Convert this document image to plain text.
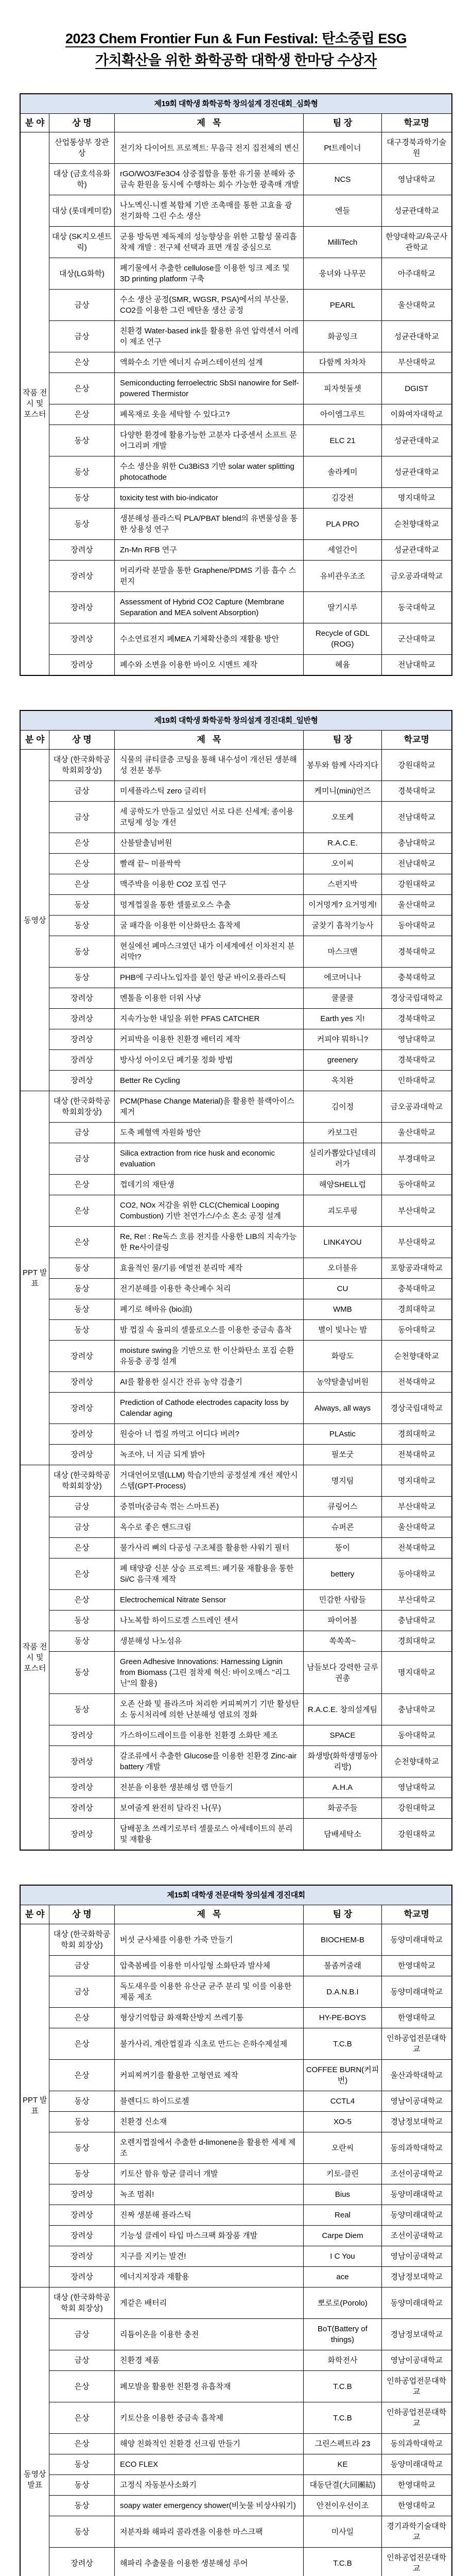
2023 Chem Frontier Fun & Fun Festival: 탄소중립 ESG
가치확산을 위한 화학공학 대학생 한마당 수상자
제19회 대학생 화학공학 창의설계 경진대회_심화형				
분 야	상 명	제   목	팀 장	학교명
작품 전시 및 포스터	산업통상부 장관상	전기차 다이어트 프로젝트: 무음극 전지 집전체의 변신	Pt트레이너	대구경북과학기술원
	대상 (금호석유화학)	rGO/WO3/Fe3O4 삼중접합을 통한 유기물 분해와 중금속 환원을 동시에 수행하는 회수 가능한 광촉매 개발	NCS	영남대학교
	대상 (롯데케미칼)	나노멕신-니켈 복합체 기반 조촉매를 통한 고효율 광전기화학 그린 수소 생산	엔들	성균관대학교
	대상 (SK지오센트릭)	군용 방독면 제독제의 성능향상을 위한 고활성 물리흡착제 개발 : 전구체 선택과 표면 개질 중심으로	MilliTech	한양대학교/육군사관학교
	대상(LG화학)	폐기물에서 추출한 cellulose를 이용한 잉크 제조 및 3D printing platform 구축	웅녀와 나무꾼	아주대학교
	금상	수소 생산 공정(SMR, WGSR, PSA)에서의 부산물, CO2를 이용한 그린 메탄올 생산 공정	PEARL	울산대학교
	금상	친환경 Water-based ink를 활용한 유연 압력센서 어레이 제조 연구	화공잉크	성균관대학교
	은상	액화수소 기반 에너지 슈퍼스테이션의 설계	다함께 차차차	부산대학교
	은상	Semiconducting ferroelectric SbSI nanowire for Self-powered Thermistor	피자헛둘셋	DGIST
	은상	폐목재로 옷을 세탁할 수 있다고?	아이엠그루트	이화여자대학교
	동상	다양한 환경에 활용가능한 고분자 다중센서 소프트 문어그리퍼 개발	ELC 21	성균관대학교
	동상	수소 생산을 위한 Cu3BiS3 기반 solar water splitting photocathode	솔라케미	성균관대학교
	동상	toxicity test with bio-indicator	김강전	명지대학교
	동상	생분해성 플라스틱 PLA/PBAT blend의 유변물성을 통한 상용성 연구	PLA PRO	순천향대학교
	장려상	Zn-Mn RFB 연구	세얼간이	성균관대학교
	장려상	머리카락 분말을 통한 Graphene/PDMS 기름 흡수 스펀지	유비관우조조	금오공과대학교
	장려상	Assessment of Hybrid CO2 Capture (Membrane Separation and MEA solvent Absorption)	딸기시루	동국대학교
	장려상	수소연료전지 폐MEA 기체확산층의 재활용 방안	Recycle of GDL (ROG)	군산대학교
	장려상	폐수와 소변을 이용한 바이오 시멘트 제작	혜윰	전남대학교
제19회 대학생 화학공학 창의설계 경진대회_일반형				
분 야	상 명	제   목	팀 장	학교명
동영상	대상 (한국화학공학회회장상)	식물의 큐티클층 코팅을 통해 내수성이 개선된 생분해성 전분 봉투	봉투와 함께 사라지다	강원대학교
	금상	미세플라스틱 zero 글리터	케미니(mini)언즈	경북대학교
	금상	세 공학도가 만들고 싶었던 서로 다른 신세계; 종이용 코팅제 성능 개선	오또케	전남대학교
	은상	산불탈출넘버원	R.A.C.E.	충남대학교
	은상	빨래 끝~ 미플싹싹	오이씨	전남대학교
	은상	맥주박을 이용한 CO2 포집 연구	스펀지박	강원대학교
	동상	멍게껍질을 통한 셀룰로오스 추출	이거멍게? 요거멍게!	울산대학교
	동상	굴 패각을 이용한 이산화탄소 흡착제	굴찾기 흡착기능사	동아대학교
	동상	현실에선 폐마스크였던 내가 이세계에선 이차전지 분리막!?	마스크맨	경북대학교
	동상	PHB에 구리나노입자를 붙인 항균 바이오플라스틱	에코머니나	충북대학교
	장려상	멘톨을 이용한 더위 사냥	쿨쿨쿨	경상국립대학교
	장려상	지속가능한 내일을 위한 PFAS CATCHER	Earth yes 지!	경북대학교
	장려상	커피박을 이용한 친환경 배터리 제작	커피야 뭐하니?	영남대학교
	장려상	방사성 아이오딘 폐기물 정화 방법	greenery	경북대학교
	장려상	Better Re Cycling	옥치완	인하대학교
PPT 발표	대상 (한국화학공학회회장상)	PCM(Phase Change Material)을 활용한 블랙아이스 제거	김이정	금오공과대학교
	금상	도축 폐혈액 자원화 방안	카보그린	울산대학교
	금상	Silica extraction from rice husk and economic evaluation	실리카뽑았다널데리러가	부경대학교
	은상	껍데기의 재탄생	해양SHELL럽	동아대학교
	은상	CO2, NOx 저감을 위한 CLC(Chemical Looping Combustion) 기반 천연가스/수소 혼소 공정 설계	괴도루핑	부산대학교
	은상	Re, Re! : Re독스 흐름 전지를 사용한 LIB의 지속가능한 Re사이클링	LINK4YOU	부산대학교
	동상	효율적인 물/기름 에멀전 분리막 제작	오더블유	포항공과대학교
	동상	전기분해를 이용한 축산폐수 처리	CU	충북대학교
	동상	폐기로 해바유 (bio油)	WMB	경희대학교
	동상	밤 껍질 속 율피의 셀룰로오스를 이용한 중금속 흡착	별이 빛나는 밤	동아대학교
	장려상	moisture swing을 기반으로 한 이산화탄소 포집 순환 유동층 공정 설계	화랑도	순천향대학교
	장려상	AI를 활용한 실시간 잔류 농약 검출기	농약탈출넘버원	전북대학교
	장려상	Prediction of Cathode electrodes capacity loss by Calendar aging	Always, all ways	경상국립대학교
	장려상	원숭아 너 껍질 까먹고 어디다 버려?	PLAstic	경희대학교
	장려상	녹조야, 너 지금 되게 밝아	필쏘굿	전북대학교
작품 전시 및 포스터	대상 (한국화학공학회회장상)	거대언어모델(LLM) 학습기반의 공정설계 개선 제안시스템(GPT-Process)	명지팀	명지대학교
	금상	중꺾마(중금속 꺾는 스마트폰)	큐링어스	부산대학교
	금상	옥수로 좋은 핸드크림	슈퍼콘	울산대학교
	은상	불가사리 뼈의 다공성 구조체를 활용한 샤워기 필터	뚱이	전북대학교
	은상	폐 태양광 신분 상승 프로젝트: 폐기물 재활용을 통한 Si/C 음극재 제작	bettery	동아대학교
	은상	Electrochemical Nitrate Sensor	민감한 사람들	부산대학교
	동상	나노복합 하이드로겔 스트레인 센서	파이어볼	충남대학교
	동상	생분해성 나노섬유	쏙쏙쏙~	경희대학교
	동상	Green Adhesive Innovations: Harnessing Lignin from Biomass (그린 점착제 혁신: 바이오매스 "리그닌"의 활용)	남들보다 강력한 글루권총	명지대학교
	동상	오존 산화 및 플라즈마 처리한 커피찌꺼기 기반 활성탄소 동시처리에 의한 난분해성 염료의 정화	R.A.C.E. 창의설계팀	충남대학교
	장려상	가스하이드레이트를 이용한 친환경 소화탄 제조	SPACE	동아대학교
	장려상	갈조류에서 추출한 Glucose를 이용한 친환경 Zinc-air battery 개발	화생방(화학생명동아리방)	순천향대학교
	장려상	전분을 이용한 생분해성 랩 만들기	A.H.A	영남대학교
	장려상	보여줄게 완전히 달라진 나(무)	화공주들	강원대학교
	장려상	담배꽁초 쓰레기로부터 셀룰로스 아세테이트의 분리 및 재활용	담배세탁소	강원대학교
제15회 대학생 전문대학 창의설계 경진대회				
분 야	상 명	제   목	팀 장	학교명
PPT 발표	대상 (한국화학공학회 회장상)	버섯 균사체를 이용한 가죽 만들기	BIOCHEM-B	동양미래대학교
	금상	압축봄베를 이용한 미사일형 소화탄과 발사체	불좀꺼줄래	한영대학교
	금상	독도새우를 이용한 유산균 균주 분리 및 이를 이용한 제품 제조	D.A.N.B.I	동양미래대학교
	은상	형상기억합금 화재확산방지 쓰레기통	HY-PE-BOYS	한영대학교
	은상	불가사리, 계란껍질과 식초로 만드는 은하수제설제	T.C.B	인하공업전문대학교
	은상	커피찌꺼기를 활용한 고형연료 제작	COFFEE BURN(커피번)	울산과학대학교
	동상	블렌디드 하이드로젤	CCTL4	영남이공대학교
	동상	친환경 신소재	XO-5	경남정보대학교
	동상	오렌지껍질에서 추출한 d-limonene을 활용한 세제 제조	오란씨	동의과학대학교
	동상	키토산 함유 항균 클리너 개발	키토-클린	조선이공대학교
	장려상	녹조 멈춰!	Bius	동양미래대학교
	장려상	진짜 생분해 플라스틱	Real	동양미래대학교
	장려상	기능성 클레이 타입 마스크팩 화장품 개발	Carpe Diem	조선이공대학교
	장려상	지구를 지키는 발견!	I C You	영남이공대학교
	장려상	에너지저장과 재활용	ace	경남정보대학교
동영상 발표	대상 (한국화학공학회 회장상)	게같은 배터리	뽀로로(Porolo)	동양미래대학교
	금상	리튬이온을 이용한 충전	BoT(Battery of things)	경남정보대학교
	금상	친환경 제품	화학전사	영남이공대학교
	은상	폐모발을 활용한 친환경 유흡착재	T.C.B	인하공업전문대학교
	은상	키토산을 이용한 중금속 흡착제	T.C.B	인하공업전문대학교
	은상	해양 친화적인 친환경 선크림 만들기	그린스펙트라 23	동의과학대학교
	동상	ECO FLEX	KE	동양미래대학교
	동상	고정식 자동분사소화기	대동단결(大同團結)	한영대학교
	동상	soapy water emergency shower(비눗물 비상샤워기)	안전이우선이조	한영대학교
	동상	저분자화 해파리 콜라겐을 이용한 마스크팩	미사일	경기과학기술대학교
	장려상	해파리 추출물을 이용한 생분해성 루어	T.C.B	인하공업전문대학교
